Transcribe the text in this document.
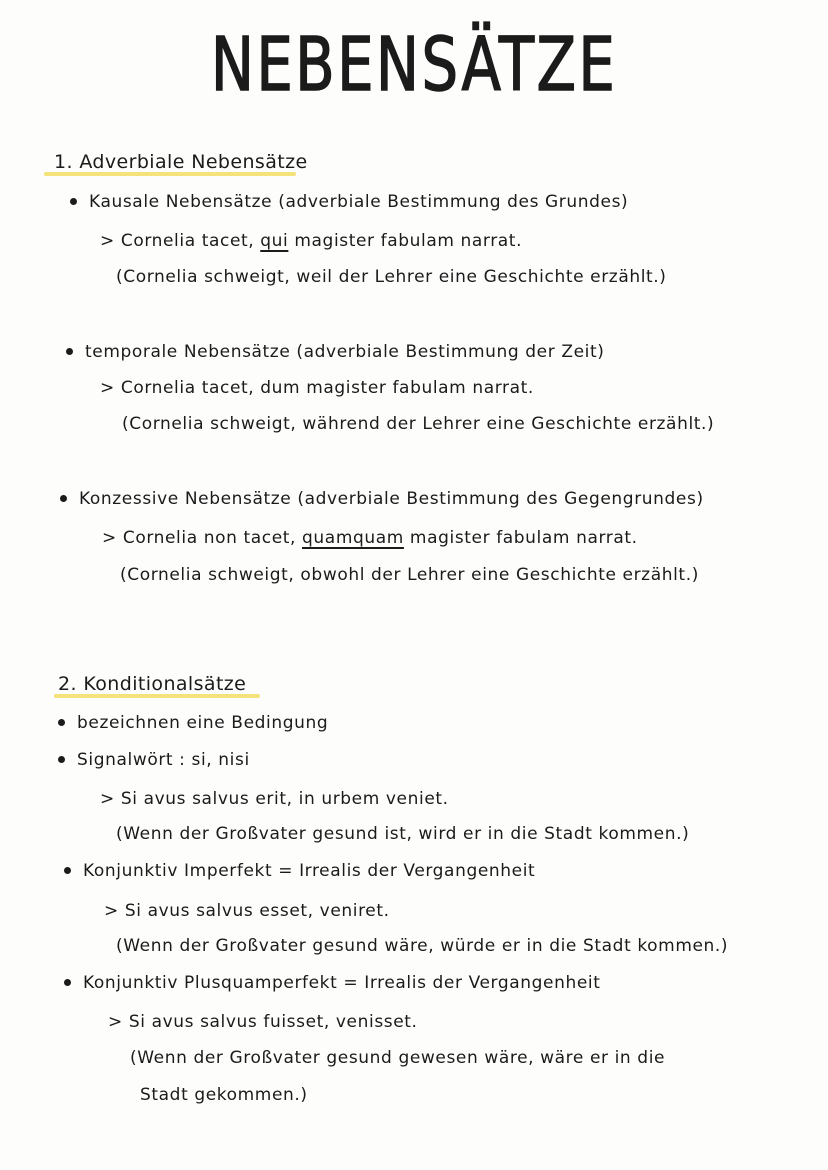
NEBENSÄTZE
1. Adverbiale Nebensätze
Kausale Nebensätze (adverbiale Bestimmung des Grundes)
> Cornelia tacet, qui magister fabulam narrat.
(Cornelia schweigt, weil der Lehrer eine Geschichte erzählt.)
temporale Nebensätze (adverbiale Bestimmung der Zeit)
> Cornelia tacet, dum magister fabulam narrat.
(Cornelia schweigt, während der Lehrer eine Geschichte erzählt.)
Konzessive Nebensätze (adverbiale Bestimmung des Gegengrundes)
> Cornelia non tacet, quamquam magister fabulam narrat.
(Cornelia schweigt, obwohl der Lehrer eine Geschichte erzählt.)
2. Konditionalsätze
bezeichnen eine Bedingung
Signalwört : si, nisi
> Si avus salvus erit, in urbem veniet.
(Wenn der Großvater gesund ist, wird er in die Stadt kommen.)
Konjunktiv Imperfekt = Irrealis der Vergangenheit
> Si avus salvus esset, veniret.
(Wenn der Großvater gesund wäre, würde er in die Stadt kommen.)
Konjunktiv Plusquamperfekt = Irrealis der Vergangenheit
> Si avus salvus fuisset, venisset.
(Wenn der Großvater gesund gewesen wäre, wäre er in die
Stadt gekommen.)
